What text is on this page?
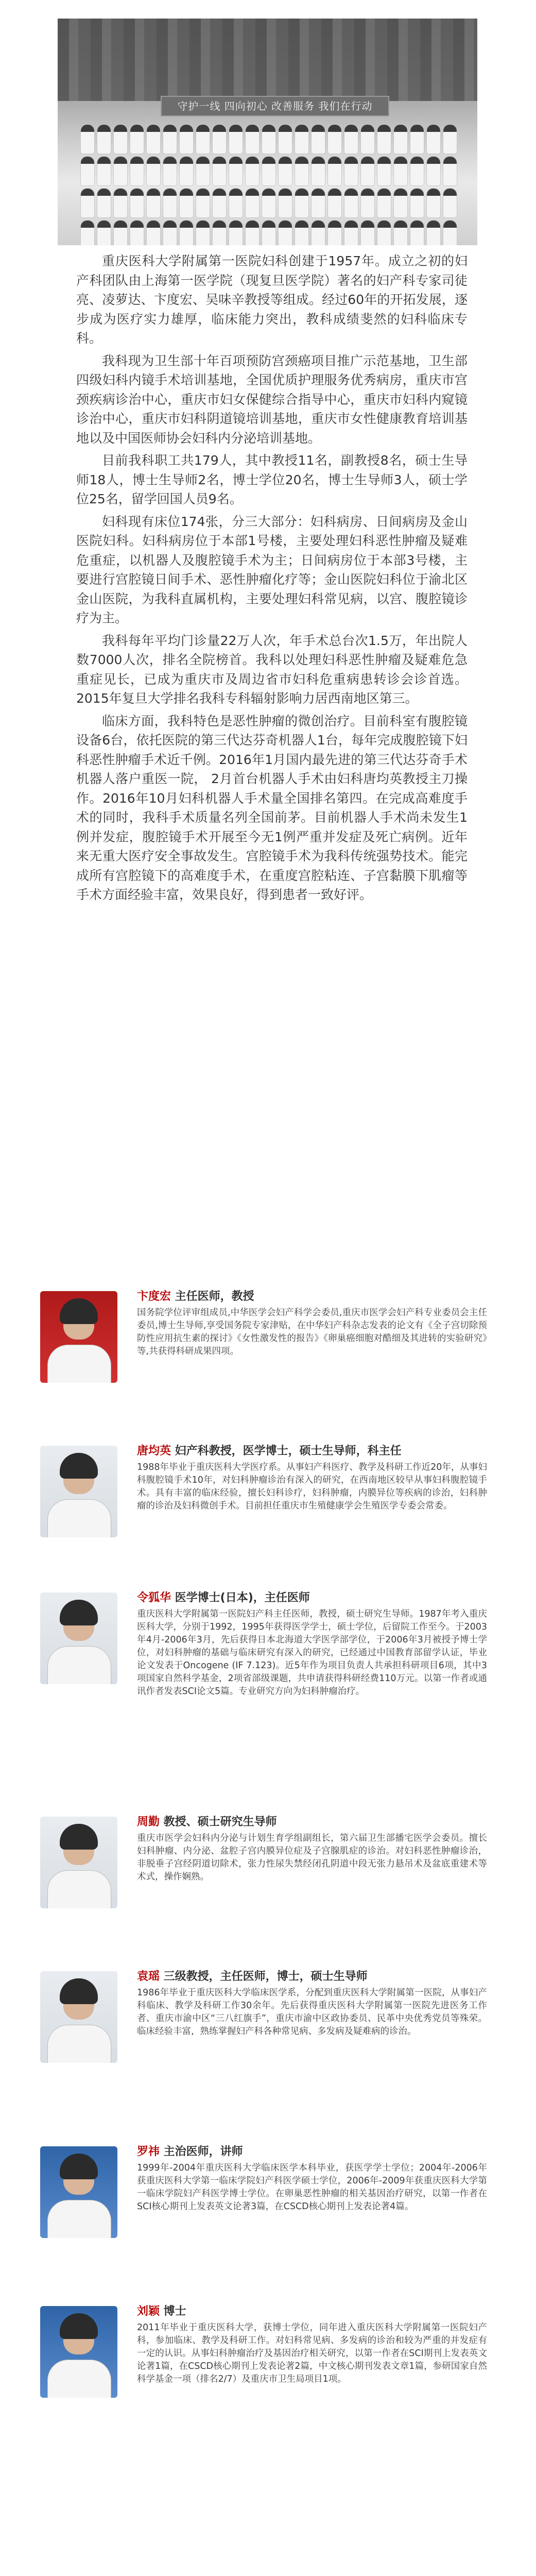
守护一线 四向初心 改善服务 我们在行动

重庆医科大学附属第一医院妇科创建于1957年。成立之初的妇产科团队由上海第一医学院（现复旦医学院）著名的妇产科专家司徒亮、凌萝达、卞度宏、吴味辛教授等组成。经过60年的开拓发展，逐步成为医疗实力雄厚，临床能力突出，教科成绩斐然的妇科临床专科。

我科现为卫生部十年百项预防宫颈癌项目推广示范基地，卫生部四级妇科内镜手术培训基地，全国优质护理服务优秀病房，重庆市宫颈疾病诊治中心，重庆市妇女保健综合指导中心，重庆市妇科内窥镜诊治中心，重庆市妇科阴道镜培训基地，重庆市女性健康教育培训基地以及中国医师协会妇科内分泌培训基地。

目前我科职工共179人，其中教授11名，副教授8名，硕士生导师18人，博士生导师2名，博士学位20名，博士生导师3人，硕士学位25名，留学回国人员9名。

妇科现有床位174张，分三大部分：妇科病房、日间病房及金山医院妇科。妇科病房位于本部1号楼，主要处理妇科恶性肿瘤及疑难危重症，以机器人及腹腔镜手术为主；日间病房位于本部3号楼，主要进行宫腔镜日间手术、恶性肿瘤化疗等；金山医院妇科位于渝北区金山医院，为我科直属机构，主要处理妇科常见病，以宫、腹腔镜诊疗为主。

我科每年平均门诊量22万人次，年手术总台次1.5万，年出院人数7000人次，排名全院榜首。我科以处理妇科恶性肿瘤及疑难危急重症见长，已成为重庆市及周边省市妇科危重病患转诊会诊首选。2015年复旦大学排名我科专科辐射影响力居西南地区第三。

临床方面，我科特色是恶性肿瘤的微创治疗。目前科室有腹腔镜设备6台，依托医院的第三代达芬奇机器人1台，每年完成腹腔镜下妇科恶性肿瘤手术近千例。2016年1月国内最先进的第三代达芬奇手术机器人落户重医一院， 2月首台机器人手术由妇科唐均英教授主刀操作。2016年10月妇科机器人手术量全国排名第四。在完成高难度手术的同时，我科手术质量名列全国前茅。目前机器人手术尚未发生1例并发症，腹腔镜手术开展至今无1例严重并发症及死亡病例。近年来无重大医疗安全事故发生。宫腔镜手术为我科传统强势技术。能完成所有宫腔镜下的高难度手术，在重度宫腔粘连、子宫黏膜下肌瘤等手术方面经验丰富，效果良好，得到患者一致好评。

卞度宏 主任医师，教授

国务院学位评审组成员,中华医学会妇产科学会委员,重庆市医学会妇产科专业委员会主任委员,博士生导师,享受国务院专家津贴，在中华妇产科杂志发表的论文有《全子宫切除预防性应用抗生素的探讨》《女性激发性的报告》《卵巢癌细胞对酷细及其进转的实验研究》等,共获得科研成果四项。

唐均英 妇产科教授，医学博士，硕士生导师，科主任

1988年毕业于重庆医科大学医疗系。从事妇产科医疗、教学及科研工作近20年，从事妇科腹腔镜手术10年，对妇科肿瘤诊治有深入的研究，在西南地区较早从事妇科腹腔镜手术。具有丰富的临床经验，擅长妇科诊疗，妇科肿瘤，内膜异位等疾病的诊治，妇科肿瘤的诊治及妇科微创手术。目前担任重庆市生殖健康学会生殖医学专委会常委。

令狐华 医学博士(日本)，主任医师

重庆医科大学附属第一医院妇产科主任医师，教授，硕士研究生导师。1987年考入重庆医科大学，分别于1992，1995年获得医学学士，硕士学位，后留院工作至今。于2003年4月-2006年3月，先后获得日本北海道大学医学部学位，于2006年3月被授予博士学位，对妇科肿瘤的基础与临床研究有深入的研究，已经通过中国教育部留学认证，毕业论文发表于Oncogene (IF 7.123)。近5年作为项目负责人共承担科研项目6项，其中3项国家自然科学基金，2项省部级课题，共申请获得科研经费110万元。以第一作者或通讯作者发表SCI论文5篇。专业研究方向为妇科肿瘤治疗。

周勤 教授、硕士研究生导师

重庆市医学会妇科内分泌与计划生育学组副组长，第六届卫生部播宅医学会委员。擅长妇科肿瘤、内分泌、盆腔子宫内膜异位症及子宫腺肌症的诊治。对妇科恶性肿瘤诊治，非脱垂子宫经阴道切除术，张力性尿失禁经闭孔阴道中段无张力悬吊术及盆底重建术等术式，操作娴熟。

袁瑶 三级教授，主任医师，博士，硕士生导师

1986年毕业于重庆医科大学临床医学系，分配到重庆医科大学附属第一医院，从事妇产科临床、教学及科研工作30余年。先后获得重庆医科大学附属第一医院先进医务工作者、重庆市渝中区“三八红旗手”，重庆市渝中区政协委员、民革中央优秀党员等殊荣。临床经验丰富，熟练掌握妇产科各种常见病、多发病及疑难病的诊治。

罗祎 主治医师，讲师

1999年-2004年重庆医科大学临床医学本科毕业，获医学学士学位；2004年-2006年获重庆医科大学第一临床学院妇产科医学硕士学位，2006年-2009年获重庆医科大学第一临床学院妇产科医学博士学位。在卵巢恶性肿瘤的相关基因治疗研究，以第一作者在SCI核心期刊上发表英文论著3篇，在CSCD核心期刊上发表论著4篇。

刘颖 博士

2011年毕业于重庆医科大学，获博士学位，同年进入重庆医科大学附属第一医院妇产科，参加临床、教学及科研工作。对妇科常见病、多发病的诊治和较为严重的并发症有一定的认识。从事妇科肿瘤治疗及基因治疗相关研究，以第一作者在SCI期刊上发表英文论著1篇，在CSCD核心期刊上发表论著2篇，中文核心期刊发表文章1篇，参研国家自然科学基金一项（排名2/7）及重庆市卫生局项目1项。
